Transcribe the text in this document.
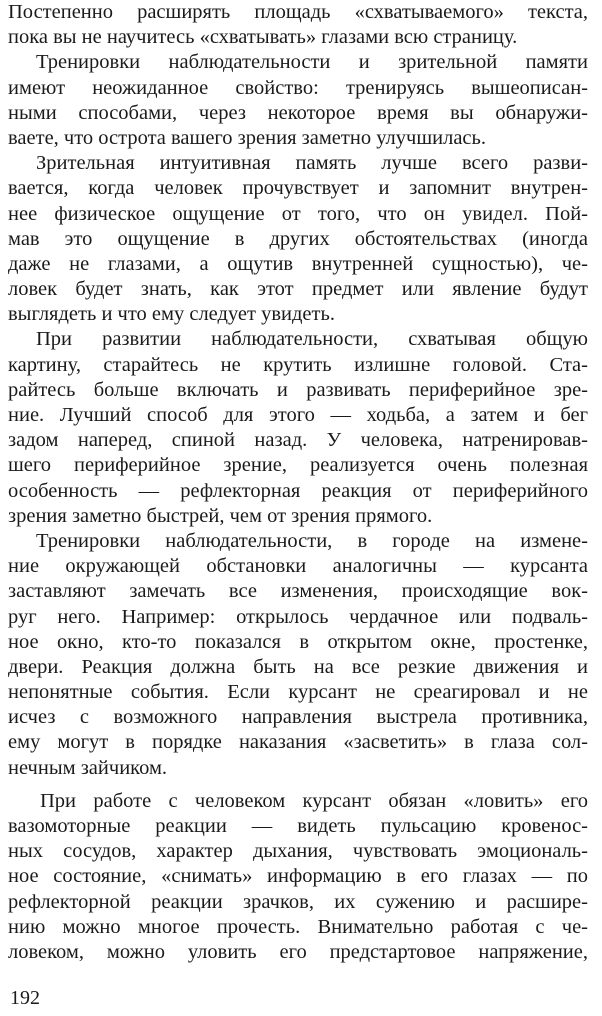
Постепенно расширять площадь «схватываемого» текста,
пока вы не научитесь «схватывать» глазами всю страницу.
Тренировки наблюдательности и зрительной памяти
имеют неожиданное свойство: тренируясь вышеописан-
ными способами, через некоторое время вы обнаружи-
ваете, что острота вашего зрения заметно улучшилась.
Зрительная интуитивная память лучше всего разви-
вается, когда человек прочувствует и запомнит внутрен-
нее физическое ощущение от того, что он увидел. Пой-
мав это ощущение в других обстоятельствах (иногда
даже не глазами, а ощутив внутренней сущностью), че-
ловек будет знать, как этот предмет или явление будут
выглядеть и что ему следует увидеть.
При развитии наблюдательности, схватывая общую
картину, старайтесь не крутить излишне головой. Ста-
райтесь больше включать и развивать периферийное зре-
ние. Лучший способ для этого — ходьба, а затем и бег
задом наперед, спиной назад. У человека, натренировав-
шего периферийное зрение, реализуется очень полезная
особенность — рефлекторная реакция от периферийного
зрения заметно быстрей, чем от зрения прямого.
Тренировки наблюдательности, в городе на измене-
ние окружающей обстановки аналогичны — курсанта
заставляют замечать все изменения, происходящие вок-
руг него. Например: открылось чердачное или подваль-
ное окно, кто-то показался в открытом окне, простенке,
двери. Реакция должна быть на все резкие движения и
непонятные события. Если курсант не среагировал и не
исчез с возможного направления выстрела противника,
ему могут в порядке наказания «засветить» в глаза сол-
нечным зайчиком.
При работе с человеком курсант обязан «ловить» его
вазомоторные реакции — видеть пульсацию кровенос-
ных сосудов, характер дыхания, чувствовать эмоциональ-
ное состояние, «снимать» информацию в его глазах — по
рефлекторной реакции зрачков, их сужению и расшире-
нию можно многое прочесть. Внимательно работая с че-
ловеком, можно уловить его предстартовое напряжение,
192
